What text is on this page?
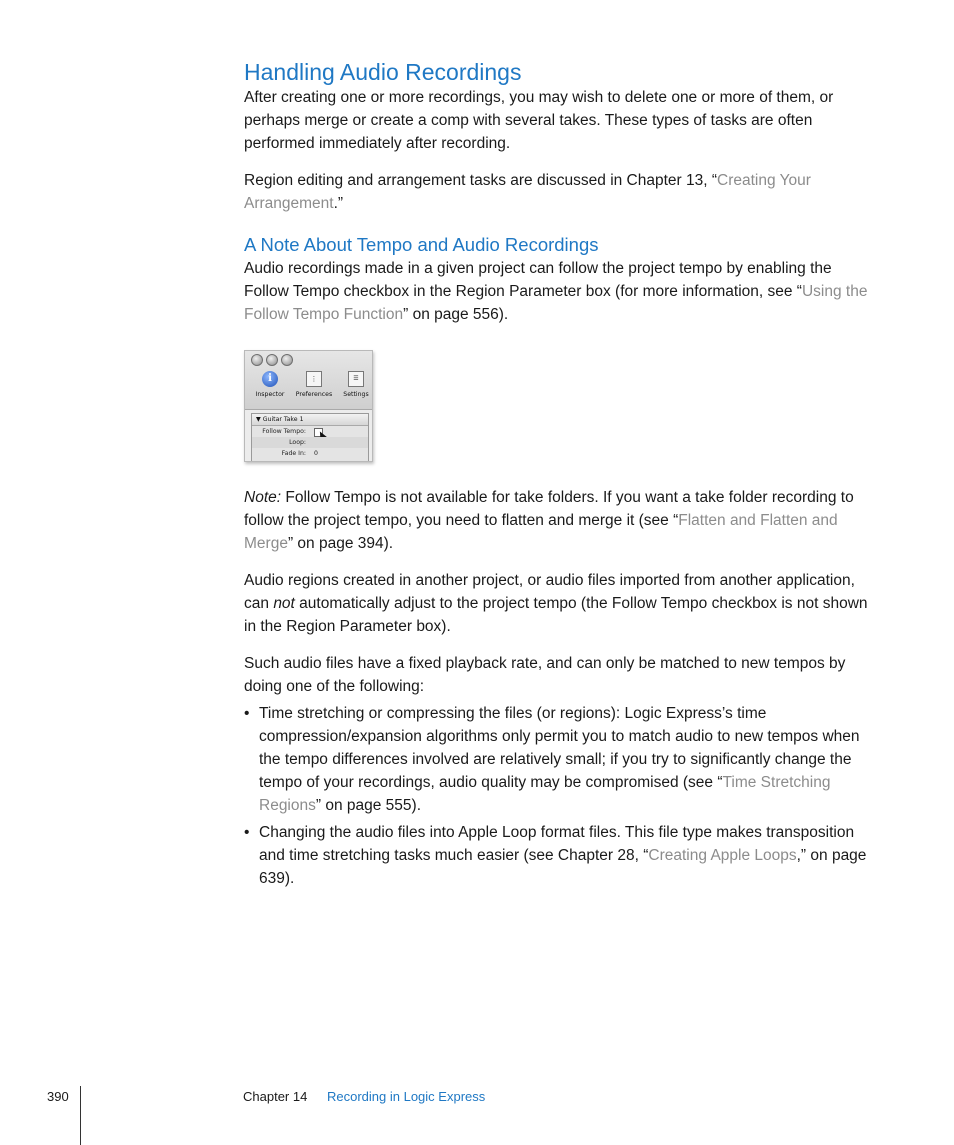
Handling Audio Recordings

After creating one or more recordings, you may wish to delete one or more of them, or perhaps merge or create a comp with several takes. These types of tasks are often performed immediately after recording.

Region editing and arrangement tasks are discussed in Chapter 13, “Creating Your Arrangement.”

A Note About Tempo and Audio Recordings

Audio recordings made in a given project can follow the project tempo by enabling the Follow Tempo checkbox in the Region Parameter box (for more information, see “Using the Follow Tempo Function” on page 556).

i
Inspector
⋮
Preferences
☰
Settings
▼ Guitar Take 1
Follow Tempo:
Loop:
Fade In: 0

Note: Follow Tempo is not available for take folders. If you want a take folder recording to follow the project tempo, you need to flatten and merge it (see “Flatten and Flatten and Merge” on page 394).

Audio regions created in another project, or audio files imported from another application, can not automatically adjust to the project tempo (the Follow Tempo checkbox is not shown in the Region Parameter box).

Such audio files have a fixed playback rate, and can only be matched to new tempos by doing one of the following:

• Time stretching or compressing the files (or regions): Logic Express’s time compression/expansion algorithms only permit you to match audio to new tempos when the tempo differences involved are relatively small; if you try to significantly change the tempo of your recordings, audio quality may be compromised (see “Time Stretching Regions” on page 555).
• Changing the audio files into Apple Loop format files. This file type makes transposition and time stretching tasks much easier (see Chapter 28, “Creating Apple Loops,” on page 639).
390	Chapter 14 Recording in Logic Express
